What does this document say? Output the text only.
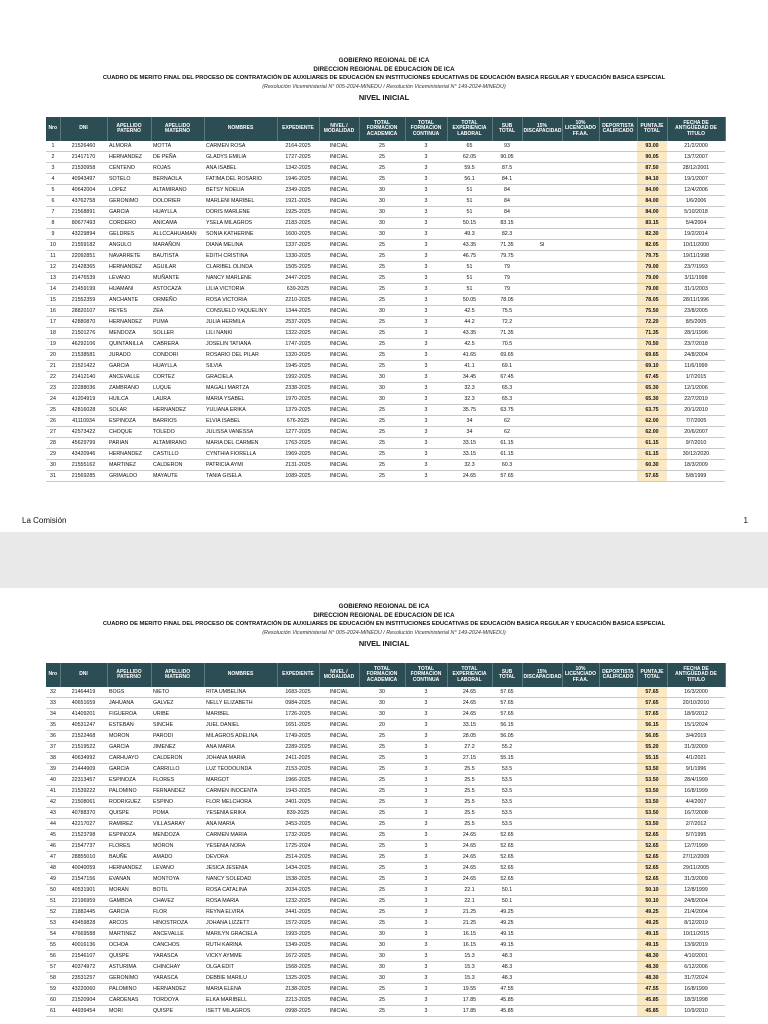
GOBIERNO REGIONAL DE ICA
DIRECCION REGIONAL DE EDUCACION DE ICA
CUADRO DE MERITO FINAL DEL PROCESO DE CONTRATACIÓN DE AUXILIARES DE EDUCACIÓN EN INSTITUCIONES EDUCATIVAS DE EDUCACIÓN BASICA REGULAR Y EDUCACIÓN BASICA ESPECIAL
(Resolución Viceministerial N° 005-2024-MINEDU / Resolución Viceministerial N° 149-2024-MINEDU)
NIVEL INICIAL
Nro	DNI	APELLIDO PATERNO	APELLIDO MATERNO	NOMBRES	EXPEDIENTE	NIVEL / MODALIDAD	TOTAL FORMACION ACADEMICA	TOTAL FORMACION CONTINUA	TOTAL EXPERIENCIA LABORAL	SUB TOTAL	15% DISCAPACIDAD	10% LICENCIADO FF.AA.	DEPORTISTA CALIFICADO	PUNTAJE TOTAL	FECHA DE ANTIGÜEDAD DE TITULO
1	21526460	ALMORA	MOTTA	CARMEN ROSA	2164-2025	INICIAL	25	3	65	93				93.00	21/2/2000
2	21417170	HERNANDEZ	DE PEÑA	GLADYS EMILIA	1727-2025	INICIAL	25	3	62.05	90.05				90.05	13/7/2007
3	21530958	CENTENO	ROJAS	ANA ISABEL	1342-2025	INICIAL	25	3	59.5	87.5				87.50	28/12/2001
4	40943497	SOTELO	BERNAOLA	FATIMA DEL ROSARIO	1946-2025	INICIAL	25	3	56.1	84.1				84.10	19/1/2007
5	40642004	LOPEZ	ALTAMIRANO	BETSY NOELIA	2349-2025	INICIAL	30	3	51	84				84.00	12/4/2006
6	43762758	GERONIMO	DOLORIER	MARLENI MARIBEL	1921-2025	INICIAL	30	3	51	84				84.00	1/6/2006
7	21568891	GARCIA	HUAYLLA	DORIS MARLENE	1925-2025	INICIAL	30	3	51	84				84.00	5/10/2018
8	80677493	CORDERO	ANICAMA	YSELA MILAGROS	2183-2025	INICIAL	30	3	50.15	83.15				83.15	5/4/2004
9	43229894	GELDRES	ALLCCAHUAMAN	SONIA KATHERINE	1600-2025	INICIAL	30	3	49.3	82.3				82.30	19/2/2014
10	21559182	ANGULO	MARAÑON	DIANA MELINA	1337-2025	INICIAL	25	3	43.35	71.35	SI			82.05	10/11/2000
11	22092851	NAVARRETE	BAUTISTA	EDITH CRISTINA	1330-2025	INICIAL	25	3	46.75	79.75				79.75	19/11/1998
12	21428365	HERNANDEZ	AGUILAR	CLARIBEL OLINDA	1505-2025	INICIAL	25	3	51	79				79.00	23/7/1993
13	21476539	LEVANO	MUÑANTE	NANCY MARLENE	2447-2025	INICIAL	25	3	51	79				79.00	3/11/1998
14	21459199	HUAMANI	ASTOCAZA	LILIA VICTORIA	639-2025	INICIAL	25	3	51	79				79.00	31/1/2003
15	21552359	ANCHANTE	ORMEÑO	ROSA VICTORIA	2210-2025	INICIAL	25	3	50.05	78.05				78.05	28/11/1996
16	28820107	REYES	ZEA	CONSUELO YAQUELINY	1344-2025	INICIAL	30	3	42.5	75.5				75.50	23/8/2005
17	42880870	HERNANDEZ	PUMA	JULIA HERMILA	2537-2025	INICIAL	25	3	44.2	72.2				72.20	8/5/2005
18	21501276	MENDOZA	SOLLER	LILI NANKI	1322-2025	INICIAL	25	3	43.35	71.35				71.35	28/1/1996
19	46292106	QUINTANILLA	CABRERA	JOSELIN TATIANA	1747-2025	INICIAL	25	3	42.5	70.5				70.50	23/7/2018
20	21538581	JURADO	CONDORI	ROSARIO DEL PILAR	1320-2025	INICIAL	25	3	41.65	69.65				69.65	24/8/2004
21	21521422	GARCIA	HUAYLLA	SILVIA	1945-2025	INICIAL	25	3	41.1	69.1				69.10	11/6/1999
22	21412140	ANCEVALLE	CORTEZ	GRACIELA	1992-2025	INICIAL	30	3	34.45	67.45				67.45	1/7/2015
23	22288036	ZAMBRANO	LUQUE	MAGALI MARTZA	2338-2025	INICIAL	30	3	32.3	65.3				65.30	12/1/2006
24	41204919	HUILCA	LAURA	MARIA YSABEL	1970-2025	INICIAL	30	3	32.3	65.3				65.30	22/7/2019
25	42816028	SOLAR	HERNANDEZ	YULIANA ERIKA	1379-2025	INICIAL	25	3	35.75	63.75				63.75	20/1/2010
26	41110934	ESPINOZA	BARRIOS	ELVIA ISABEL	676-2025	INICIAL	25	3	34	62				62.00	7/7/2005
27	42573422	CHOQUE	TOLEDO	JULISSA VANESSA	1277-2025	INICIAL	25	3	34	62				62.00	20/6/2007
28	45629799	PARIAN	ALTAMIRANO	MARIA DEL CARMEN	1763-2025	INICIAL	25	3	33.15	61.15				61.15	9/7/2010
29	43420946	HERNANDEZ	CASTILLO	CYNTHIA FIORELLA	1969-2025	INICIAL	25	3	33.15	61.15				61.15	30/12/2020
30	21555162	MARTINEZ	CALDERON	PATRICIA AYMI	2131-2025	INICIAL	25	3	32.3	60.3				60.30	18/3/2009
31	21569285	GRIMALDO	MAYAUTE	TANIA GISELA	1089-2025	INICIAL	25	3	24.65	57.65				57.65	5/8/1999
La Comisión	1
GOBIERNO REGIONAL DE ICA
DIRECCION REGIONAL DE EDUCACION DE ICA
CUADRO DE MERITO FINAL DEL PROCESO DE CONTRATACIÓN DE AUXILIARES DE EDUCACIÓN EN INSTITUCIONES EDUCATIVAS DE EDUCACIÓN BASICA REGULAR Y EDUCACIÓN BASICA ESPECIAL
(Resolución Viceministerial N° 005-2024-MINEDU / Resolución Viceministerial N° 149-2024-MINEDU)
NIVEL INICIAL
Nro	DNI	APELLIDO PATERNO	APELLIDO MATERNO	NOMBRES	EXPEDIENTE	NIVEL / MODALIDAD	TOTAL FORMACION ACADEMICA	TOTAL FORMACION CONTINUA	TOTAL EXPERIENCIA LABORAL	SUB TOTAL	15% DISCAPACIDAD	10% LICENCIADO FF.AA.	DEPORTISTA CALIFICADO	PUNTAJE TOTAL	FECHA DE ANTIGÜEDAD DE TITULO
32	21464419	BOGS	NIETO	RITA UMBELINA	1683-2025	INICIAL	30	3	24.65	57.65				57.65	16/3/2000
33	40651659	JAHUANA	GALVEZ	NELLY ELIZABETH	0984-2025	INICIAL	30	3	24.65	57.65				57.65	20/10/2010
34	41409201	FIGUEROA	URIBE	MARIBEL	1726-2025	INICIAL	30	3	24.65	57.65				57.65	18/9/2012
35	40531247	ESTEBAN	SINCHE	JUEL DANIEL	1651-2025	INICIAL	20	3	33.15	56.15				56.15	15/1/2024
36	21522468	MORON	PARODI	MILAGROS ADELINA	1749-2025	INICIAL	25	3	28.05	56.05				56.05	3/4/2019
37	21519522	GARCIA	JIMENEZ	ANA MARIA	2289-2025	INICIAL	25	3	27.2	55.2				55.20	31/3/2009
38	40634992	CARHUAYO	CALDERON	JOHANA MARIA	2411-2025	INICIAL	25	3	27.15	55.15				55.15	4/1/2021
39	21444909	GARCIA	CARRILLO	LUZ TEODOLINDA	2153-2025	INICIAL	25	3	25.5	53.5				53.50	9/1/1996
40	22313457	ESPINOZA	FLORES	MARGOT	1966-2025	INICIAL	25	3	25.5	53.5				53.50	28/4/1999
41	21539222	PALOMINO	FERNANDEZ	CARMEN INOCENTA	1943-2025	INICIAL	25	3	25.5	53.5				53.50	16/8/1999
42	21508061	RODRIGUEZ	ESPINO	FLOR MELCHORA	2401-2025	INICIAL	25	3	25.5	53.5				53.50	4/4/2007
43	40788370	QUISPE	POMA	YESENIA ERIKA	839-2025	INICIAL	25	3	25.5	53.5				53.50	16/7/2008
44	42217027	RAMIREZ	VILLASARAY	ANA MARIA	2453-2025	INICIAL	25	3	25.5	53.5				53.50	2/7/2012
45	21523798	ESPINOZA	MENDOZA	CARMEN MARIA	1732-2025	INICIAL	25	3	24.65	52.65				52.65	5/7/1995
46	21547737	FLORES	MORON	YESENIA NORA	1725-2024	INICIAL	25	3	24.65	52.65				52.65	12/7/1999
47	28855010	BAUÑE	AMADO	DEVORA	2514-2025	INICIAL	25	3	24.65	52.65				52.65	27/12/2009
48	40040059	HERNANDEZ	LEVANO	JESICA JESENIA	1434-2025	INICIAL	25	3	24.65	52.65				52.65	29/11/2005
49	21547156	EVANAN	MONTOYA	NANCY SOLEDAD	1538-2025	INICIAL	25	3	24.65	52.65				52.65	31/3/2009
50	40531901	MORAN	BOTIL	ROSA CATALINA	2034-2025	INICIAL	25	3	22.1	50.1				50.10	12/8/1999
51	22196959	GAMBOA	CHAVEZ	ROSA MARIA	1232-2025	INICIAL	25	3	22.1	50.1				50.10	24/8/2004
52	21882445	GARCIA	FLOR	REYNA ELVIRA	2441-2025	INICIAL	25	3	21.25	49.25				49.25	21/4/2004
53	43459828	ARCOS	HINOSTROZA	JOHANA LIZZETT	1572-2025	INICIAL	25	3	21.25	49.25				49.25	8/12/2019
54	47669588	MARTINEZ	ANCEVALLE	MARILYN GRACIELA	1993-2025	INICIAL	30	3	16.15	49.15				49.15	10/11/2015
55	40016136	OCHOA	CANCHOS	RUTH KARINA	1349-2025	INICIAL	30	3	16.15	49.15				49.15	13/9/2019
56	21546107	QUISPE	YARASCA	VICKY AYMME	1672-2025	INICIAL	30	3	15.3	48.3				48.30	4/10/2001
57	40374972	ASTURIMA	CHINCHAY	OLGA EDIT	1568-2025	INICIAL	30	3	15.3	48.3				48.30	6/12/2006
58	23531257	GERONIMO	YARASCA	DEBBIE MARILU	1325-2025	INICIAL	30	3	15.3	48.3				48.30	31/7/2024
59	43220060	PALOMINO	HERNANDEZ	MARIA ELENA	2138-2025	INICIAL	25	3	19.55	47.55				47.55	16/8/1999
60	21520904	CARDENAS	TORDOYA	ELKA MARIBELL	2213-2025	INICIAL	25	3	17.85	45.85				45.85	18/3/1998
61	44939454	MORI	QUISPE	ISETT MILAGROS	0998-2025	INICIAL	25	3	17.85	45.85				45.85	10/9/2010
